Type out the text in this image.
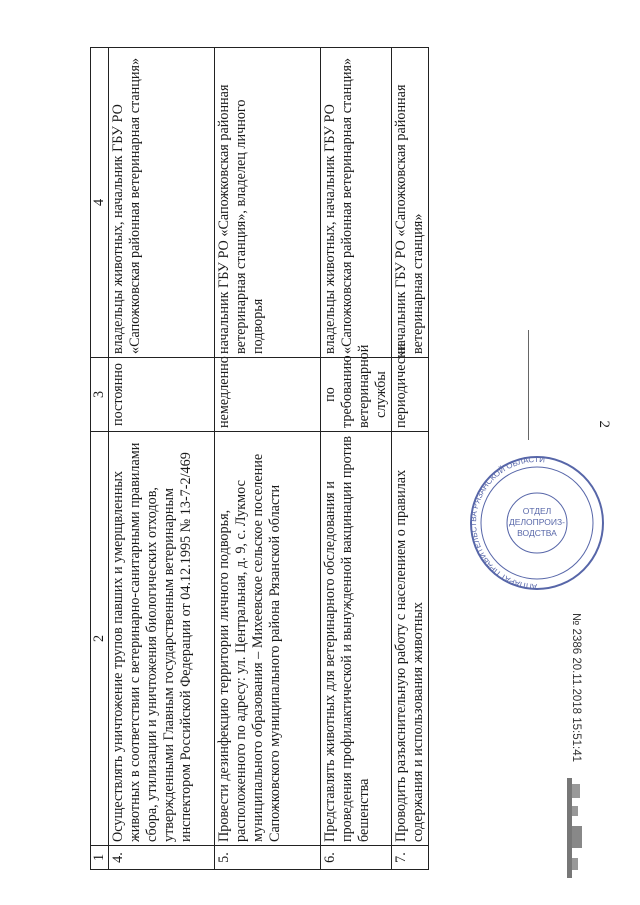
2
1	2	3	4
4.	Осуществлять уничтожение трупов павших и умерщвленных животных в соответствии с ветеринарно-санитарными правилами сбора, утилизации и уничтожения биологических отходов, утвержденными Главным государственным ветеринарным инспектором Российской Федерации от 04.12.1995 № 13-7-2/469	постоянно	владельцы животных, начальник ГБУ РО «Сапожковская районная ветеринарная станция»
5.	Провести дезинфекцию территории личного подворья, расположенного по адресу: ул. Центральная, д. 9, с. Лукмос муниципального образования – Михеевское сельское поселение Сапожковского муниципального района Рязанской области	немедленно	начальник ГБУ РО «Сапожковская районная ветеринарная станция», владелец личного подворья
6.	Представлять животных для ветеринарного обследования и проведения профилактической и вынужденной вакцинации против бешенства	по требованию ветеринарной службы	владельцы животных, начальник ГБУ РО «Сапожковская районная ветеринарная станция»
7.	Проводить разъяснительную работу с населением о правилах содержания и использования животных	периодически	начальник ГБУ РО «Сапожковская районная ветеринарная станция»
АППАРАТ ПРАВИТЕЛЬСТВА РЯЗАНСКОЙ ОБЛАСТИ
ОТДЕЛ
ДЕЛОПРОИЗ-
ВОДСТВА
№ 2386 20.11.2018 15:51:41
